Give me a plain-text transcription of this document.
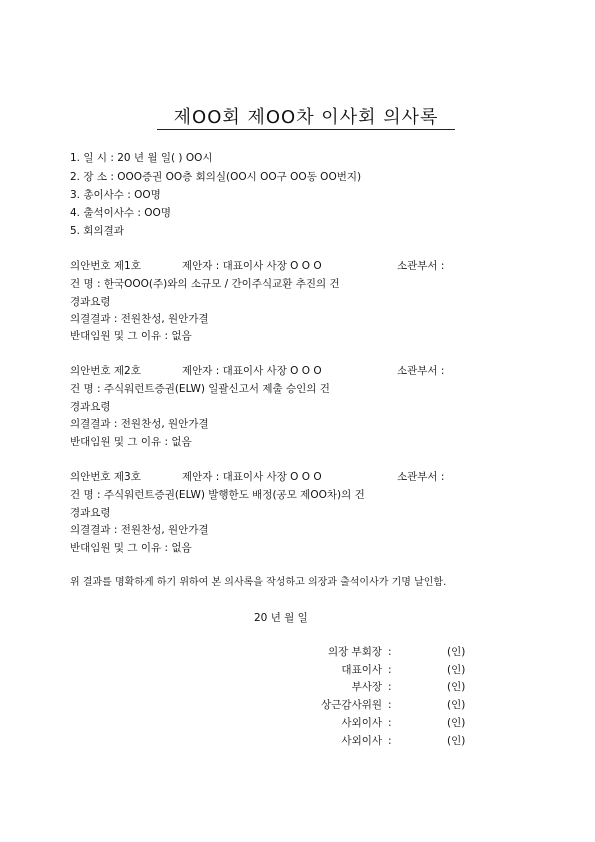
제OO회 제OO차 이사회 의사록
1. 일 시 : 20 년 월 일( ) OO시
2. 장 소 : OOO증권 OO층 회의실(OO시 OO구 OO동 OO번지)
3. 총이사수 : OO명
4. 출석이사수 : OO명
5. 회의결과
의안번호 제1호	제안자 : 대표이사 사장 O O O	소관부서 :
건 명 : 한국OOO(주)와의 소규모 / 간이주식교환 추진의 건
경과요령
의결결과 : 전원찬성, 원안가결
반대임원 및 그 이유 : 없음
의안번호 제2호	제안자 : 대표이사 사장 O O O	소관부서 :
건 명 : 주식워런트증권(ELW) 일괄신고서 제출 승인의 건
경과요령
의결결과 : 전원찬성, 원안가결
반대임원 및 그 이유 : 없음
의안번호 제3호	제안자 : 대표이사 사장 O O O	소관부서 :
건 명 : 주식워런트증권(ELW) 발행한도 배정(공모 제OO차)의 건
경과요령
의결결과 : 전원찬성, 원안가결
반대임원 및 그 이유 : 없음
위 결과를 명확하게 하기 위하여 본 의사록을 작성하고 의장과 출석이사가 기명 날인함.
20 년 월 일
의장 부회장 :	(인)
대표이사 :	(인)
부사장 :	(인)
상근감사위원 :	(인)
사외이사 :	(인)
사외이사 :	(인)
